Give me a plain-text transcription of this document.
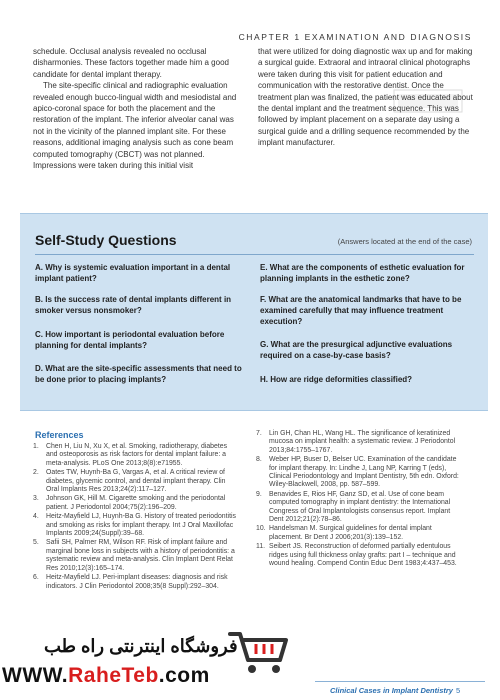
CHAPTER 1 EXAMINATION AND DIAGNOSIS

schedule. Occlusal analysis revealed no occlusal disharmonies. These factors together made him a good candidate for dental implant therapy.

The site-specific clinical and radiographic evaluation revealed enough bucco-lingual width and mesiodistal and apico-coronal space for both the placement and the restoration of the implant. The inferior alveolar canal was not in the vicinity of the planned implant site. For these reasons, additional imaging analysis such as cone beam computed tomography (CBCT) was not planned. Impressions were taken during this initial visit

that were utilized for doing diagnostic wax up and for making a surgical guide. Extraoral and intraoral clinical photographs were taken during this visit for patient education and communication with the restorative dentist. Once the treatment plan was finalized, the patient was educated about the dental implant and the treatment sequence. This was followed by implant placement on a separate day using a surgical guide and a drilling sequence recommended by the implant manufacturer.

Self-Study Questions	(Answers located at the end of the case)
A. Why is systemic evaluation important in a dental implant patient?
B. Is the success rate of dental implants different in smoker versus nonsmoker?
C. How important is periodontal evaluation before planning for dental implants?
D. What are the site-specific assessments that need to be done prior to placing implants?
E. What are the components of esthetic evaluation for planning implants in the esthetic zone?
F. What are the anatomical landmarks that have to be examined carefully that may influence treatment execution?
G. What are the presurgical adjunctive evaluations required on a case-by-case basis?
H. How are ridge deformities classified?
References
1. Chen H, Liu N, Xu X, et al. Smoking, radiotherapy, diabetes and osteoporosis as risk factors for dental implant failure: a meta-analysis. PLoS One 2013;8(8):e71955.
2. Oates TW, Huynh-Ba G, Vargas A, et al. A critical review of diabetes, glycemic control, and dental implant therapy. Clin Oral Implants Res 2013;24(2):117–127.
3. Johnson GK, Hill M. Cigarette smoking and the periodontal patient. J Periodontol 2004;75(2):196–209.
4. Heitz-Mayfield LJ, Huynh-Ba G. History of treated periodontitis and smoking as risks for implant therapy. Int J Oral Maxillofac Implants 2009;24(Suppl):39–68.
5. Safii SH, Palmer RM, Wilson RF. Risk of implant failure and marginal bone loss in subjects with a history of periodontitis: a systematic review and meta-analysis. Clin Implant Dent Relat Res 2010;12(3):165–174.
6. Heitz-Mayfield LJ. Peri-implant diseases: diagnosis and risk indicators. J Clin Periodontol 2008;35(8 Suppl):292–304.
7. Lin GH, Chan HL, Wang HL. The significance of keratinized mucosa on implant health: a systematic review. J Periodontol 2013;84:1755–1767.
8. Weber HP, Buser D, Belser UC. Examination of the candidate for implant therapy. In: Lindhe J, Lang NP, Karring T (eds), Clinical Periodontology and Implant Dentistry, 5th edn. Oxford: Wiley-Blackwell, 2008, pp. 587–599.
9. Benavides E, Rios HF, Ganz SD, et al. Use of cone beam computed tomography in implant dentistry: the International Congress of Oral Implantologists consensus report. Implant Dent 2012;21(2):78–86.
10. Handelsman M. Surgical guidelines for dental implant placement. Br Dent J 2006;201(3):139–152.
11. Seibert JS. Reconstruction of deformed partially edentulous ridges using full thickness onlay grafts: part I – technique and wound healing. Compend Contin Educ Dent 1983;4:437–453.
فروشگاه اینترنتی راه طب
WWW.RaheTeb.com
Clinical Cases in Implant Dentistry 5
